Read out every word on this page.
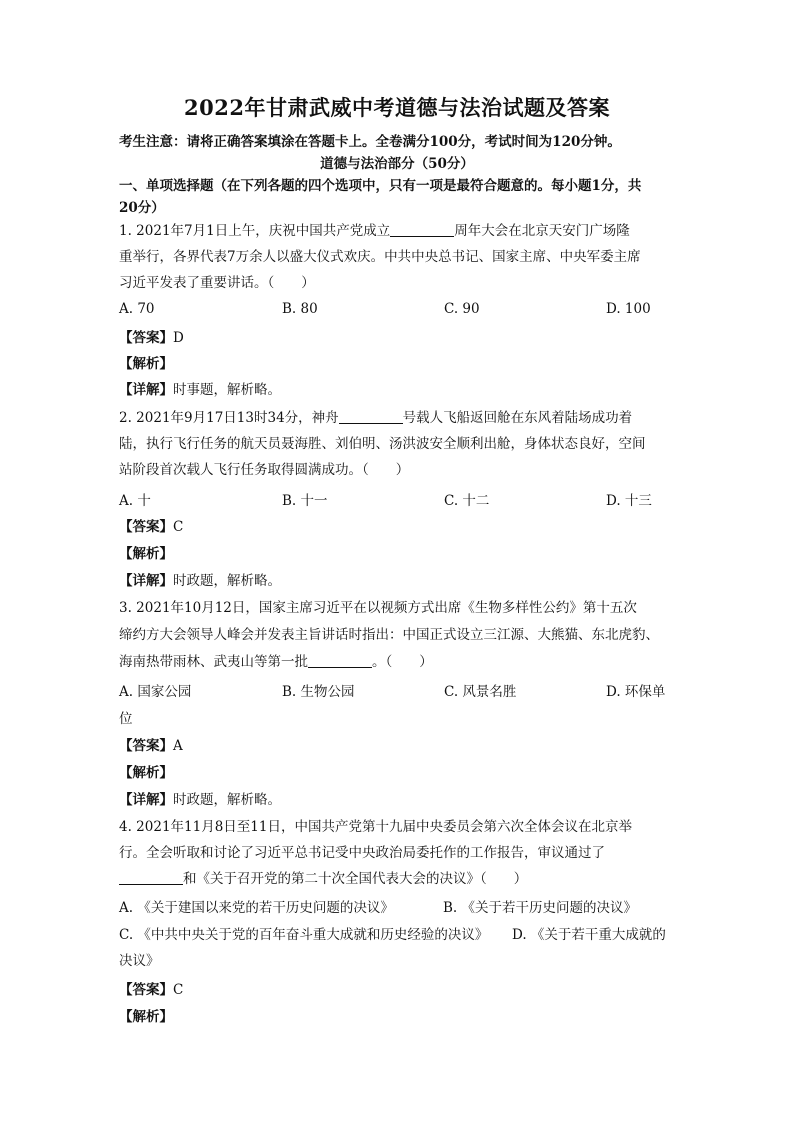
2022年甘肃武威中考道德与法治试题及答案
考生注意：请将正确答案填涂在答题卡上。全卷满分100分，考试时间为120分钟。
道德与法治部分（50分）
一、单项选择题（在下列各题的四个选项中，只有一项是最符合题意的。每小题1分，共
20分）
1. 2021年7月1日上午，庆祝中国共产党成立	周年大会在北京天安门广场隆
重举行，各界代表7万余人以盛大仪式欢庆。中共中央总书记、国家主席、中央军委主席
习近平发表了重要讲话。（　　）
A. 70	B. 80	C. 90	D. 100
【答案】D
【解析】
【详解】时事题，解析略。
2. 2021年9月17日13时34分，神舟	号载人飞船返回舱在东风着陆场成功着
陆，执行飞行任务的航天员聂海胜、刘伯明、汤洪波安全顺利出舱，身体状态良好，空间
站阶段首次载人飞行任务取得圆满成功。（　　）
A. 十	B. 十一	C. 十二	D. 十三
【答案】C
【解析】
【详解】时政题，解析略。
3. 2021年10月12日，国家主席习近平在以视频方式出席《生物多样性公约》第十五次
缔约方大会领导人峰会并发表主旨讲话时指出：中国正式设立三江源、大熊猫、东北虎豹、
海南热带雨林、武夷山等第一批	。（　　）
A. 国家公园	B. 生物公园	C. 风景名胜	D. 环保单
位
【答案】A
【解析】
【详解】时政题，解析略。
4. 2021年11月8日至11日，中国共产党第十九届中央委员会第六次全体会议在北京举
行。全会听取和讨论了习近平总书记受中央政治局委托作的工作报告，审议通过了
和《关于召开党的第二十次全国代表大会的决议》（　　）
A. 《关于建国以来党的若干历史问题的决议》	B. 《关于若干历史问题的决议》
C. 《中共中央关于党的百年奋斗重大成就和历史经验的决议》 D. 《关于若干重大成就的
决议》
【答案】C
【解析】
